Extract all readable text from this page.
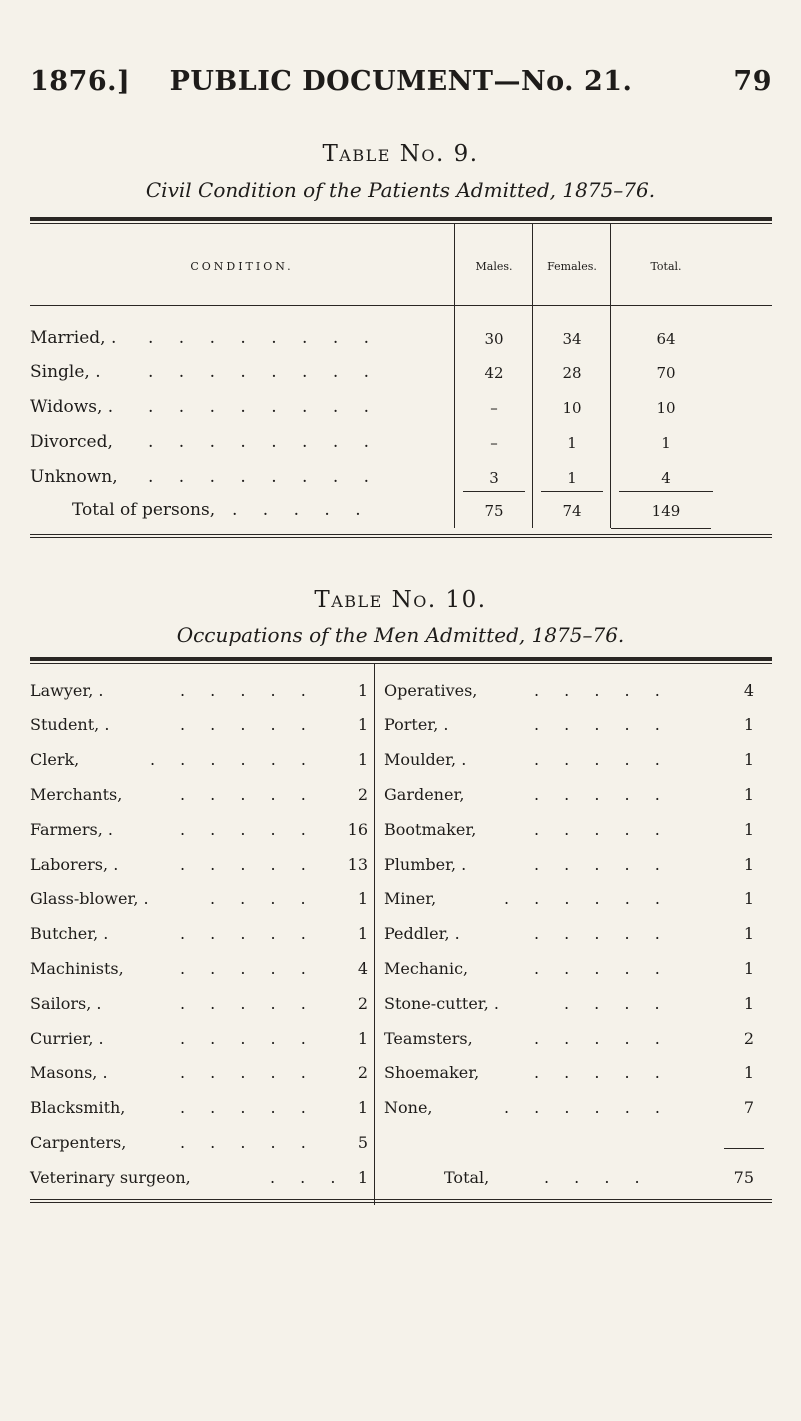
1876.]	PUBLIC DOCUMENT—No. 21.	79
Table No. 9.
Civil Condition of the Patients Admitted, 1875–76.
CONDITION.	Males.	Females.	Total.
Married, . . . . . . . . .	30	34	64
Single, .	. . . . . . . .	42	28	70
Widows, . . . . . . . . .	–	10	10
Divorced, . . . . . . . .	–	1	1
Unknown, . . . . . . . .	3	1	4
Total of persons, . . . . .	75	74	149
Table No. 10.
Occupations of the Men Admitted, 1875–76.
Lawyer, .	. . . . .	1
Student, .	. . . . .	1
Clerk,	. . . . . .	1
Merchants,	. . . . .	2
Farmers, .	. . . . .	16
Laborers, .	. . . . .	13
Glass-blower, .	. . . .	1
Butcher, .	. . . . .	1
Machinists,	. . . . .	4
Sailors, .	. . . . .	2
Currier, .	. . . . .	1
Masons, .	. . . . .	2
Blacksmith,	. . . . .	1
Carpenters,	. . . . .	5
Veterinary surgeon,	. . . 1
Operatives,	. . . . .	4
Porter, .	. . . . .	1
Moulder, .	. . . . .	1
Gardener,	. . . . .	1
Bootmaker,	. . . . .	1
Plumber, .	. . . . .	1
Miner,	. . . . . .	1
Peddler, .	. . . . .	1
Mechanic,	. . . . .	1
Stone-cutter, .	. . . .	1
Teamsters,	. . . . .	2
Shoemaker,	. . . . .	1
None,	. . . . . .	7
Total,	. . . .	75
